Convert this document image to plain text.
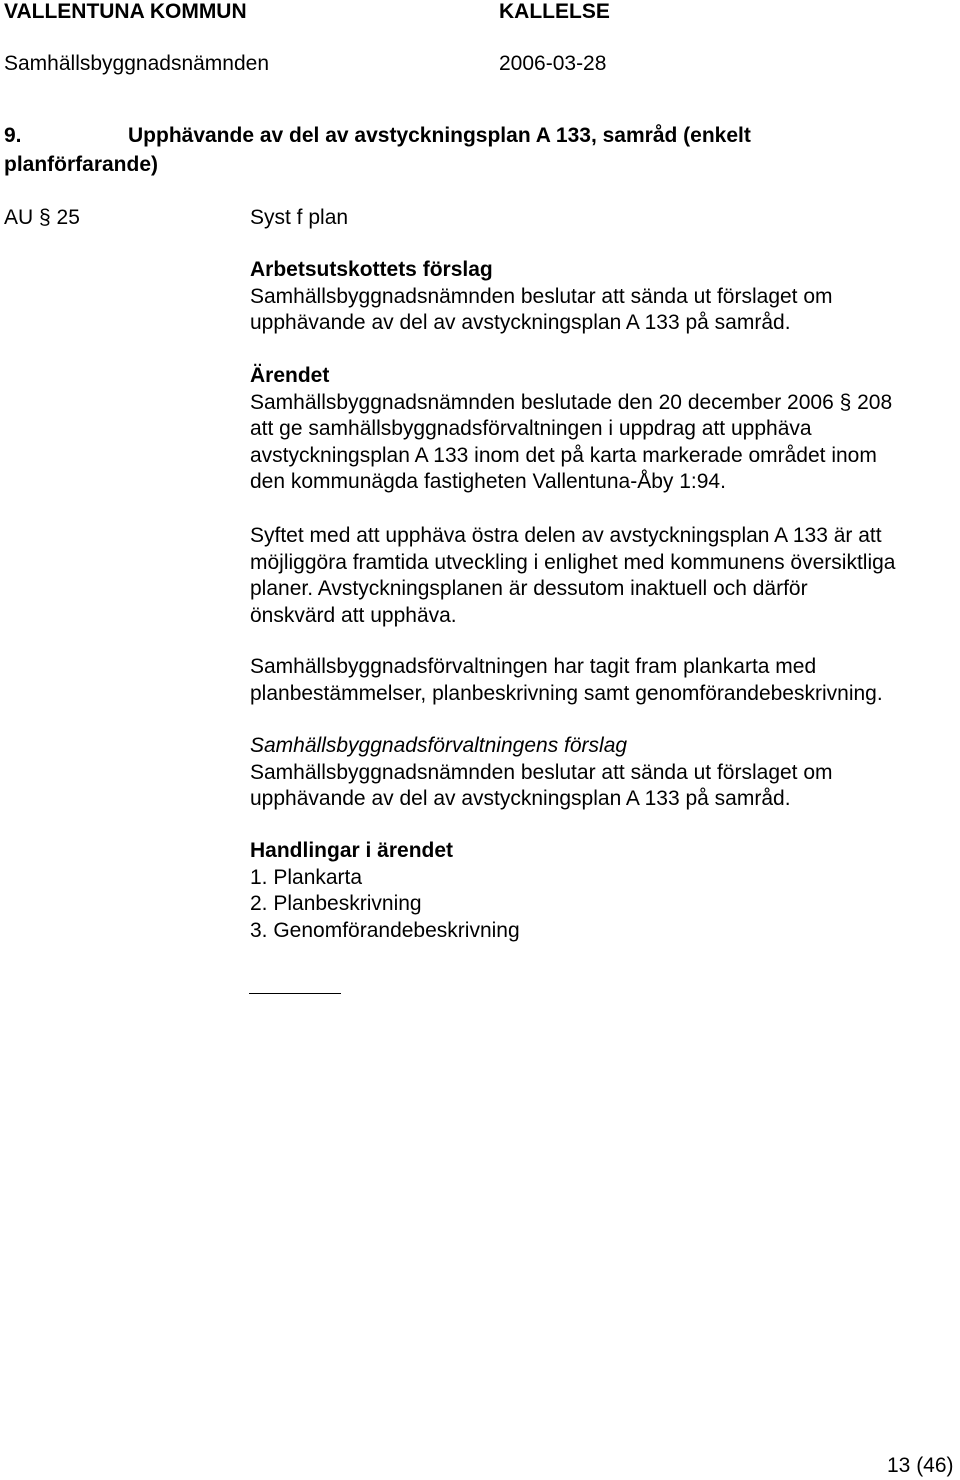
VALLENTUNA KOMMUN	KALLELSE
Samhällsbyggnadsnämnden	2006-03-28
9.	Upphävande av del av avstyckningsplan A 133, samråd (enkelt
planförfarande)
AU § 25	Syst f plan
Arbetsutskottets förslag
Samhällsbyggnadsnämnden beslutar att sända ut förslaget om
upphävande av del av avstyckningsplan A 133 på samråd.
Ärendet
Samhällsbyggnadsnämnden beslutade den 20 december 2006 § 208
att ge samhällsbyggnadsförvaltningen i uppdrag att upphäva
avstyckningsplan A 133 inom det på karta markerade området inom
den kommunägda fastigheten Vallentuna-Åby 1:94.
Syftet med att upphäva östra delen av avstyckningsplan A 133 är att
möjliggöra framtida utveckling i enlighet med kommunens översiktliga
planer. Avstyckningsplanen är dessutom inaktuell och därför
önskvärd att upphäva.
Samhällsbyggnadsförvaltningen har tagit fram plankarta med
planbestämmelser, planbeskrivning samt genomförandebeskrivning.
Samhällsbyggnadsförvaltningens förslag
Samhällsbyggnadsnämnden beslutar att sända ut förslaget om
upphävande av del av avstyckningsplan A 133 på samråd.
Handlingar i ärendet
1. Plankarta
2. Planbeskrivning
3. Genomförandebeskrivning
13 (46)
